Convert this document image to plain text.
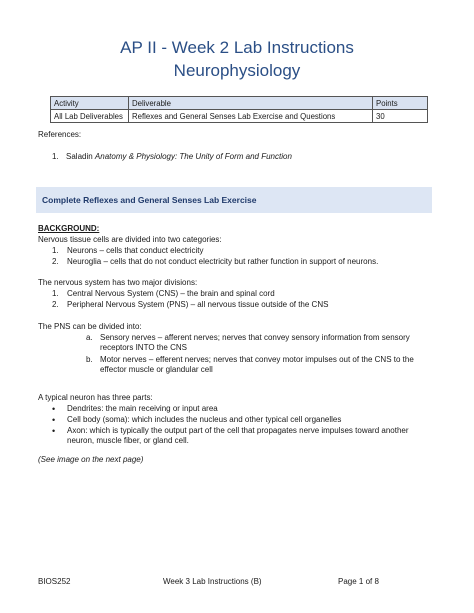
AP II - Week 2 Lab Instructions
Neurophysiology
Activity	Deliverable	Points
All Lab Deliverables	Reflexes and General Senses Lab Exercise and Questions	30
References:
1. Saladin Anatomy & Physiology: The Unity of Form and Function
Complete Reflexes and General Senses Lab Exercise
BACKGROUND:
Nervous tissue cells are divided into two categories:
1. Neurons – cells that conduct electricity
2. Neuroglia – cells that do not conduct electricity but rather function in support of neurons.
The nervous system has two major divisions:
1. Central Nervous System (CNS) – the brain and spinal cord
2. Peripheral Nervous System (PNS) – all nervous tissue outside of the CNS
The PNS can be divided into:
a. Sensory nerves – afferent nerves; nerves that convey sensory information from sensory
receptors INTO the CNS
b. Motor nerves – efferent nerves; nerves that convey motor impulses out of the CNS to the
effector muscle or glandular cell
A typical neuron has three parts:
• Dendrites: the main receiving or input area
• Cell body (soma): which includes the nucleus and other typical cell organelles
• Axon: which is typically the output part of the cell that propagates nerve impulses toward another
neuron, muscle fiber, or gland cell.
(See image on the next page)
BIOS252	Week 3 Lab Instructions (B)	Page 1 of 8
